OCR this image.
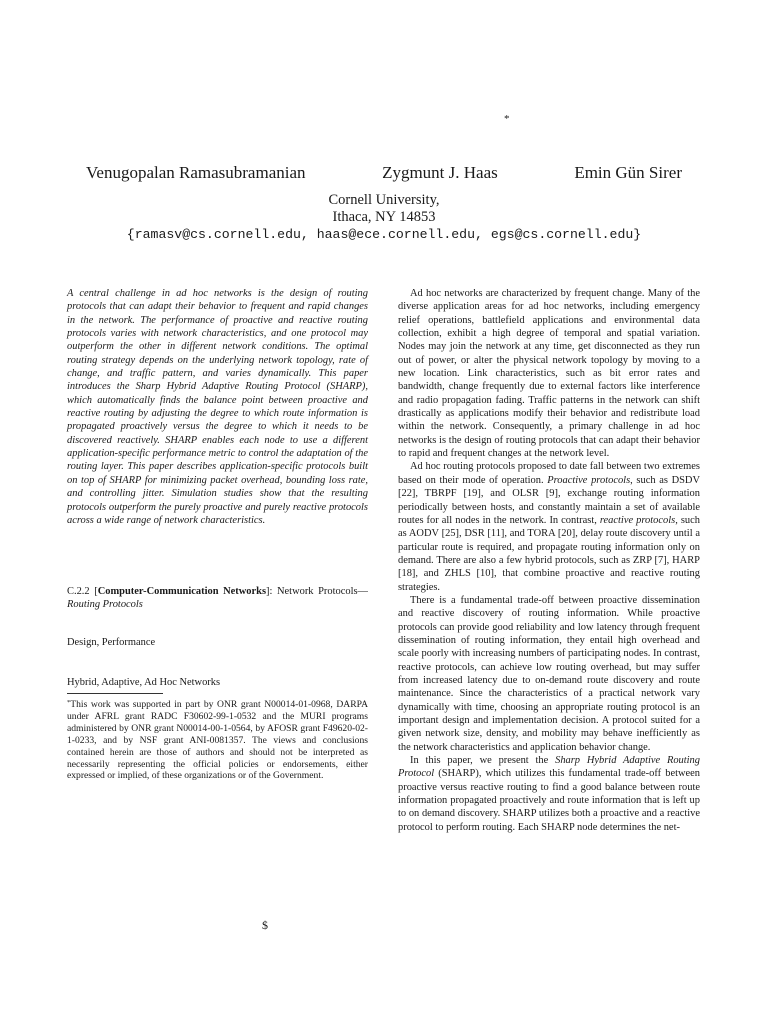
*
Venugopalan Ramasubramanian	Zygmunt J. Haas	Emin Gün Sirer
Cornell University,
Ithaca, NY 14853
{ramasv@cs.cornell.edu, haas@ece.cornell.edu, egs@cs.cornell.edu}
A central challenge in ad hoc networks is the design of routing protocols that can adapt their behavior to frequent and rapid changes in the network. The performance of proactive and reactive routing protocols varies with network characteristics, and one protocol may outperform the other in different network conditions. The optimal routing strategy depends on the underlying network topology, rate of change, and traffic pattern, and varies dynamically. This paper introduces the Sharp Hybrid Adaptive Routing Protocol (SHARP), which automatically finds the balance point between proactive and reactive routing by adjusting the degree to which route information is propagated proactively versus the degree to which it needs to be discovered reactively. SHARP enables each node to use a different application-specific performance metric to control the adaptation of the routing layer. This paper describes application-specific protocols built on top of SHARP for minimizing packet overhead, bounding loss rate, and controlling jitter. Simulation studies show that the resulting protocols outperform the purely proactive and purely reactive protocols across a wide range of network characteristics.
C.2.2 [Computer-Communication Networks]: Network Protocols—Routing Protocols
Design, Performance
Hybrid, Adaptive, Ad Hoc Networks
*This work was supported in part by ONR grant N00014-01-0968, DARPA under AFRL grant RADC F30602-99-1-0532 and the MURI programs administered by ONR grant N00014-00-1-0564, by AFOSR grant F49620-02-1-0233, and by NSF grant ANI-0081357. The views and conclusions contained herein are those of authors and should not be interpreted as necessarily representing the official policies or endorsements, either expressed or implied, of these organizations or of the Government.

Ad hoc networks are characterized by frequent change. Many of the diverse application areas for ad hoc networks, including emergency relief operations, battlefield applications and environmental data collection, exhibit a high degree of temporal and spatial variation. Nodes may join the network at any time, get disconnected as they run out of power, or alter the physical network topology by moving to a new location. Link characteristics, such as bit error rates and bandwidth, change frequently due to external factors like interference and radio propagation fading. Traffic patterns in the network can shift drastically as applications modify their behavior and redistribute load within the network. Consequently, a primary challenge in ad hoc networks is the design of routing protocols that can adapt their behavior to rapid and frequent changes at the network level.

Ad hoc routing protocols proposed to date fall between two extremes based on their mode of operation. Proactive protocols, such as DSDV [22], TBRPF [19], and OLSR [9], exchange routing information periodically between hosts, and constantly maintain a set of available routes for all nodes in the network. In contrast, reactive protocols, such as AODV [25], DSR [11], and TORA [20], delay route discovery until a particular route is required, and propagate routing information only on demand. There are also a few hybrid protocols, such as ZRP [7], HARP [18], and ZHLS [10], that combine proactive and reactive routing strategies.

There is a fundamental trade-off between proactive dissemination and reactive discovery of routing information. While proactive protocols can provide good reliability and low latency through frequent dissemination of routing information, they entail high overhead and scale poorly with increasing numbers of participating nodes. In contrast, reactive protocols, can achieve low routing overhead, but may suffer from increased latency due to on-demand route discovery and route maintenance. Since the characteristics of a practical network vary dynamically with time, choosing an appropriate routing protocol is an important design and implementation decision. A protocol suited for a given network size, density, and mobility may behave inefficiently as the network characteristics and application behavior change.

In this paper, we present the Sharp Hybrid Adaptive Routing Protocol (SHARP), which utilizes this fundamental trade-off between proactive versus reactive routing to find a good balance between route information propagated proactively and route information that is left up to on demand discovery. SHARP utilizes both a proactive and a reactive protocol to perform routing. Each SHARP node determines the net-

$
